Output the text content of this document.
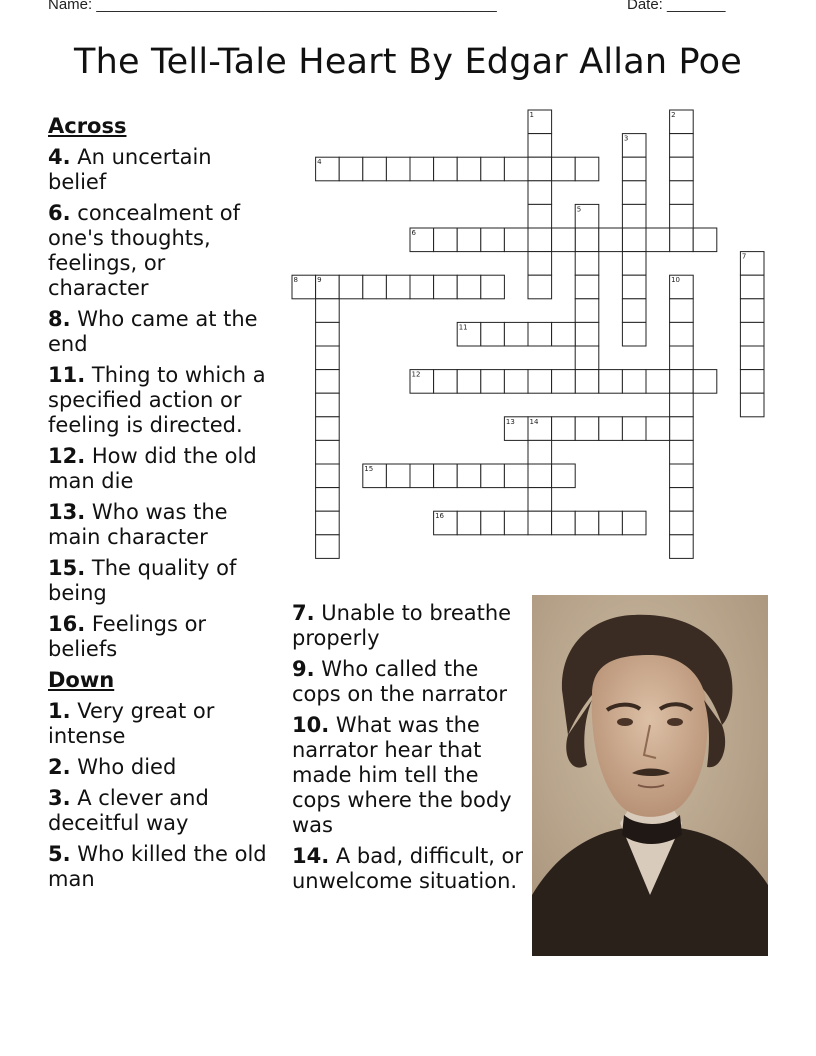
Name: ________________________________________________	Date: _______
The Tell-Tale Heart By Edgar Allan Poe
Across
4. An uncertain belief
6. concealment of one's thoughts, feelings, or character
8. Who came at the end
11. Thing to which a specified action or feeling is directed.
12. How did the old man die
13. Who was the main character
15. The quality of being
16. Feelings or beliefs
Down
1. Very great or intense
2. Who died
3. A clever and deceitful way
5. Who killed the old man
7. Unable to breathe properly
9. Who called the cops on the narrator
10. What was the narrator hear that made him tell the cops where the body was
14. A bad, difficult, or unwelcome situation.
1	2
3
4
5
6
7
8	9	10
11
12
13 14
15
16
